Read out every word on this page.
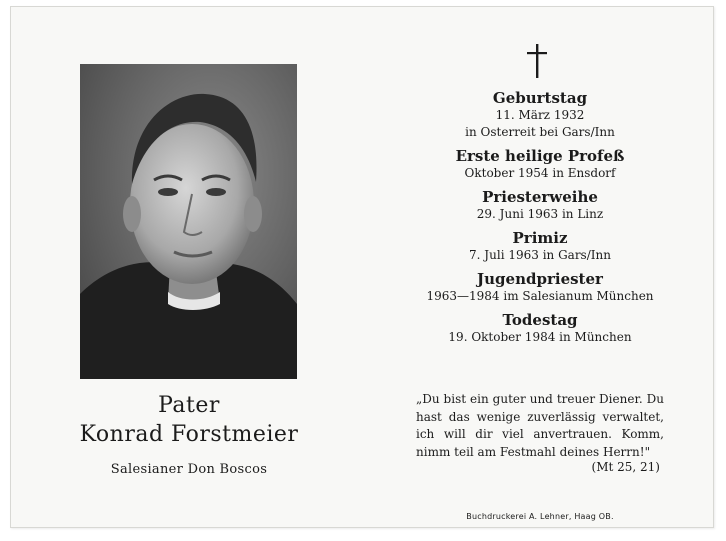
Pater
Konrad Forstmeier
Salesianer Don Boscos
Geburtstag
11. März 1932
in Osterreit bei Gars/Inn
Erste heilige Profeß
Oktober 1954 in Ensdorf
Priesterweihe
29. Juni 1963 in Linz
Primiz
7. Juli 1963 in Gars/Inn
Jugendpriester
1963—1984 im Salesianum München
Todestag
19. Oktober 1984 in München
„Du bist ein guter und treuer Diener. Du hast das wenige zuverlässig verwaltet, ich will dir viel anvertrauen. Komm, nimm teil am Festmahl deines Herrn!"
(Mt 25, 21)
Buchdruckerei A. Lehner, Haag OB.
